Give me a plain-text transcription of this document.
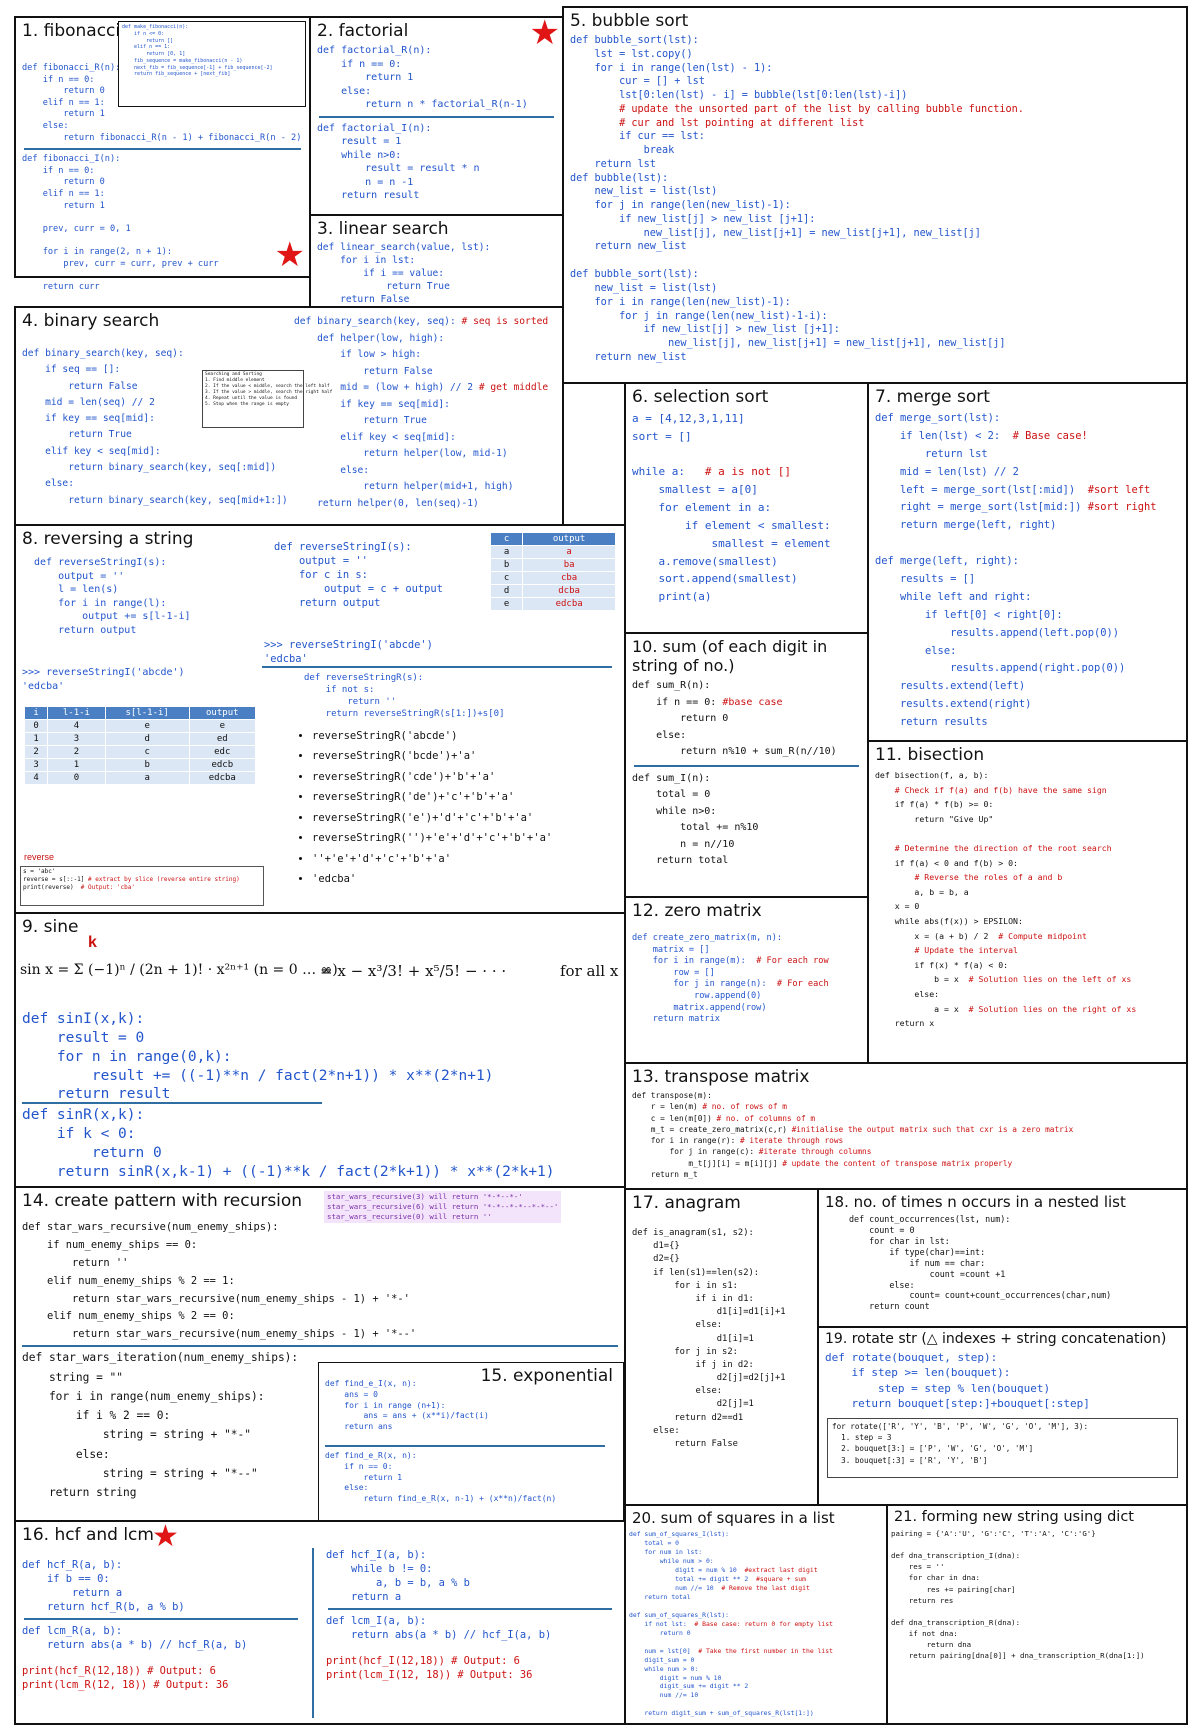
1. fibonacci def make_fibonacci(n):
if n <= 0:
return []
elif n == 1:
return [0, 1]
fib_sequence = make_fibonacci(n - 1)
next_fib = fib_sequence[-1] + fib_sequence[-2]
return fib_sequence + [next_fib]
def fibonacci_R(n):
if n == 0:
return 0
elif n == 1:
return 1
else:
return fibonacci_R(n - 1) + fibonacci_R(n - 2)
def fibonacci_I(n):
if n == 0:
return 0
elif n == 1:
return 1

prev, curr = 0, 1

for i in range(2, n + 1):
prev, curr = curr, prev + curr

return curr
★
2. factorial
def factorial_R(n):
if n == 0:
return 1
else:
return n * factorial_R(n-1)
def factorial_I(n):
result = 1
while n>0:
result = result * n
n = n -1
return result
★
3. linear search
def linear_search(value, lst):
for i in lst:
if i == value:
return True
return False
4. binary search
def binary_search(key, seq):
if seq == []:
return False
mid = len(seq) // 2
if key == seq[mid]:
return True
elif key < seq[mid]:
return binary_search(key, seq[:mid])
else:
return binary_search(key, seq[mid+1:])
Searching and Sorting
1. Find middle element
2. If the value < middle, search the left half
3. If the value > middle, search the right half
4. Repeat until the value is found
5. Stop when the range is empty
def binary_search(key, seq): # seq is sorted
def helper(low, high):
if low > high:
return False
mid = (low + high) // 2 # get middle
if key == seq[mid]:
return True
elif key < seq[mid]:
return helper(low, mid-1)
else:
return helper(mid+1, high)
return helper(0, len(seq)-1)
5. bubble sort
def bubble_sort(lst):
lst = lst.copy()
for i in range(len(lst) - 1):
cur = [] + lst
lst[0:len(lst) - i] = bubble(lst[0:len(lst)-i])
# update the unsorted part of the list by calling bubble function.
# cur and lst pointing at different list
if cur == lst:
break
return lst
def bubble(lst):
new_list = list(lst)
for j in range(len(new_list)-1):
if new_list[j] > new_list [j+1]:
new_list[j], new_list[j+1] = new_list[j+1], new_list[j]
return new_list
def bubble_sort(lst):
new_list = list(lst)
for i in range(len(new_list)-1):
for j in range(len(new_list)-1-i):
if new_list[j] > new_list [j+1]:
new_list[j], new_list[j+1] = new_list[j+1], new_list[j]
return new_list
6. selection sort
a = [4,12,3,1,11]
sort = []

while a:   # a is not []
smallest = a[0]
for element in a:
if element < smallest:
smallest = element
a.remove(smallest)
sort.append(smallest)
print(a)
7. merge sort
def merge_sort(lst):
if len(lst) < 2:  # Base case!
return lst
mid = len(lst) // 2
left = merge_sort(lst[:mid])  #sort left
right = merge_sort(lst[mid:]) #sort right
return merge(left, right)

def merge(left, right):
results = []
while left and right:
if left[0] < right[0]:
results.append(left.pop(0))
else:
results.append(right.pop(0))
results.extend(left)
results.extend(right)
return results
8. reversing a string
def reverseStringI(s):
output = ''
l = len(s)
for i in range(l):
output += s[l-1-i]
return output
>>> reverseStringI('abcde')
'edcba'
i	l-1-i	s[l-1-i]	output
0	4	e	e
1	3	d	ed
2	2	c	edc
3	1	b	edcb
4	0	a	edcba
reverse
s = 'abc'
reverse = s[::-1] # extract by slice (reverse entire string)
print(reverse)  # Output: 'cba'
def reverseStringI(s):
output = ''
for c in s:
output = c + output
return output
>>> reverseStringI('abcde')
'edcba'
c	output
a	a
b	ba
c	cba
d	dcba
e	edcba
def reverseStringR(s):
if not s:
return ''
return reverseStringR(s[1:])+s[0]
• reverseStringR('abcde')
• reverseStringR('bcde')+'a'
• reverseStringR('cde')+'b'+'a'
• reverseStringR('de')+'c'+'b'+'a'
• reverseStringR('e')+'d'+'c'+'b'+'a'
• reverseStringR('')+'e'+'d'+'c'+'b'+'a'
• ''+'e'+'d'+'c'+'b'+'a'
• 'edcba'
9. sine
sin x = Σ (−1)ⁿ / (2n + 1)! · x²ⁿ⁺¹ (n = 0 … ∞)
= x − x³/3! + x⁵/5! − · · ·	for all x
k
def sinI(x,k):
result = 0
for n in range(0,k):
result += ((-1)**n / fact(2*n+1)) * x**(2*n+1)
return result
def sinR(x,k):
if k < 0:
return 0
return sinR(x,k-1) + ((-1)**k / fact(2*k+1)) * x**(2*k+1)
10. sum (of each digit in string of no.)
def sum_R(n):
if n == 0: #base case
return 0
else:
return n%10 + sum_R(n//10)
def sum_I(n):
total = 0
while n>0:
total += n%10
n = n//10
return total
11. bisection
def bisection(f, a, b):
# Check if f(a) and f(b) have the same sign
if f(a) * f(b) >= 0:
return "Give Up"

# Determine the direction of the root search
if f(a) < 0 and f(b) > 0:
# Reverse the roles of a and b
a, b = b, a
x = 0
while abs(f(x)) > EPSILON:
x = (a + b) / 2  # Compute midpoint
# Update the interval
if f(x) * f(a) < 0:
b = x  # Solution lies on the left of xs
else:
a = x  # Solution lies on the right of xs
return x
12. zero matrix
def create_zero_matrix(m, n):
matrix = []
for i in range(m):  # For each row
row = []
for j in range(n):  # For each
row.append(0)
matrix.append(row)
return matrix
13. transpose matrix
def transpose(m):
r = len(m) # no. of rows of m
c = len(m[0]) # no. of columns of m
m_t = create_zero_matrix(c,r) #initialise the output matrix such that cxr is a zero matrix
for i in range(r): # iterate through rows
for j in range(c): #iterate through columns
m_t[j][i] = m[i][j] # update the content of transpose matrix properly
return m_t
14. create pattern with recursion	star_wars_recursive(3) will return '*-*--*-'
star_wars_recursive(6) will return '*-*--*-*--*-*--'
star_wars_recursive(0) will return ''
def star_wars_recursive(num_enemy_ships):
if num_enemy_ships == 0:
return ''
elif num_enemy_ships % 2 == 1:
return star_wars_recursive(num_enemy_ships - 1) + '*-'
elif num_enemy_ships % 2 == 0:
return star_wars_recursive(num_enemy_ships - 1) + '*--'
def star_wars_iteration(num_enemy_ships):
string = ""
for i in range(num_enemy_ships):
if i % 2 == 0:
string = string + "*-"
else:
string = string + "*--"
return string
15. exponential
def find_e_I(x, n):
ans = 0
for i in range (n+1):
ans = ans + (x**i)/fact(i)
return ans
def find_e_R(x, n):
if n == 0:
return 1
else:
return find_e_R(x, n-1) + (x**n)/fact(n)
16. hcf and lcm
★
def hcf_R(a, b):
if b == 0:
return a
return hcf_R(b, a % b)
def lcm_R(a, b):
return abs(a * b) // hcf_R(a, b)
print(hcf_R(12,18)) # Output: 6
print(lcm_R(12, 18)) # Output: 36
def hcf_I(a, b):
while b != 0:
a, b = b, a % b
return a
def lcm_I(a, b):
return abs(a * b) // hcf_I(a, b)
print(hcf_I(12,18)) # Output: 6
print(lcm_I(12, 18)) # Output: 36
17. anagram
def is_anagram(s1, s2):
d1={}
d2={}
if len(s1)==len(s2):
for i in s1:
if i in d1:
d1[i]=d1[i]+1
else:
d1[i]=1
for j in s2:
if j in d2:
d2[j]=d2[j]+1
else:
d2[j]=1
return d2==d1
else:
return False
18. no. of times n occurs in a nested list
def count_occurrences(lst, num):
count = 0
for char in lst:
if type(char)==int:
if num == char:
count =count +1
else:
count= count+count_occurrences(char,num)
return count
19. rotate str (△ indexes + string concatenation)
def rotate(bouquet, step):
if step >= len(bouquet):
step = step % len(bouquet)
return bouquet[step:]+bouquet[:step]
for rotate(['R', 'Y', 'B', 'P', 'W', 'G', 'O', 'M'], 3):
1. step = 3
2. bouquet[3:] = ['P', 'W', 'G', 'O', 'M']
3. bouquet[:3] = ['R', 'Y', 'B']
20. sum of squares in a list
def sum_of_squares_I(lst):
total = 0
for num in lst:
while num > 0:
digit = num % 10  #extract last digit
total += digit ** 2  #square + sum
num //= 10  # Remove the last digit
return total

def sum_of_squares_R(lst):
if not lst:  # Base case: return 0 for empty list
return 0

num = lst[0]  # Take the first number in the list
digit_sum = 0
while num > 0:
digit = num % 10
digit_sum += digit ** 2
num //= 10

return digit_sum + sum_of_squares_R(lst[1:])
21. forming new string using dict
pairing = {'A':'U', 'G':'C', 'T':'A', 'C':'G'}

def dna_transcription_I(dna):
res = ''
for char in dna:
res += pairing[char]
return res

def dna_transcription_R(dna):
if not dna:
return dna
return pairing[dna[0]] + dna_transcription_R(dna[1:])
